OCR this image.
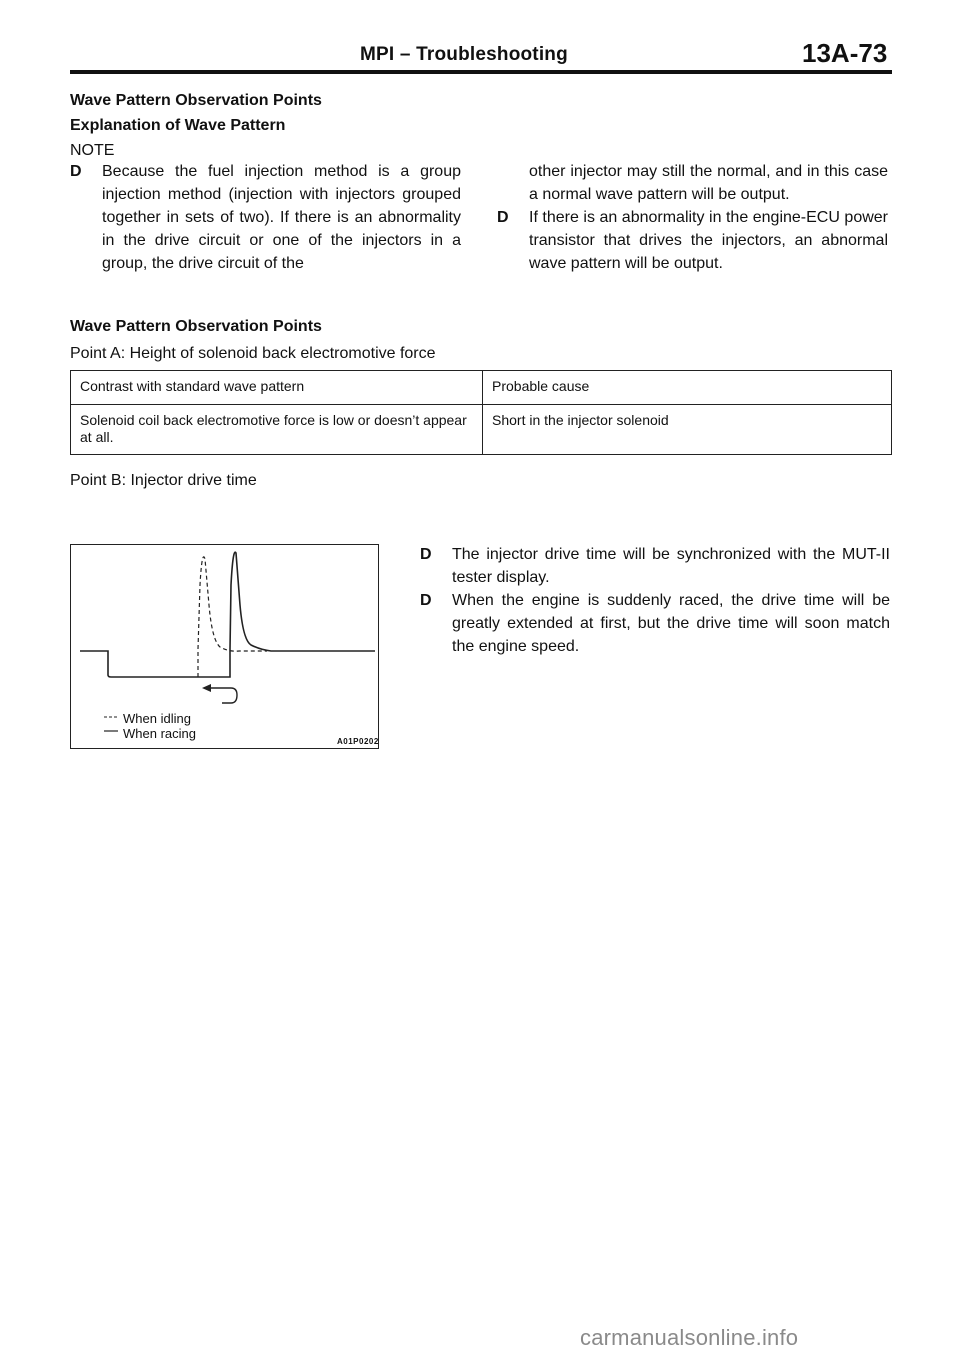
MPI – Troubleshooting	13A-73
Wave Pattern Observation Points
Explanation of Wave Pattern
NOTE
D Because the fuel injection method is a group injection method (injection with injectors grouped together in sets of two). If there is an abnormality in the drive circuit or one of the injectors in a group, the drive circuit of the
other injector may still the normal, and in this case a normal wave pattern will be output.
D If there is an abnormality in the engine-ECU power transistor that drives the injectors, an abnormal wave pattern will be output.
Wave Pattern Observation Points
Point A: Height of solenoid back electromotive force
Contrast with standard wave pattern	Probable cause
Solenoid coil back electromotive force is low or doesn’t appear at all.	Short in the injector solenoid
Point B: Injector drive time
When idling
When racing
A01P0202
D The injector drive time will be synchronized with the MUT-II tester display.
D When the engine is suddenly raced, the drive time will be greatly extended at first, but the drive time will soon match the engine speed.
carmanualsonline.info
